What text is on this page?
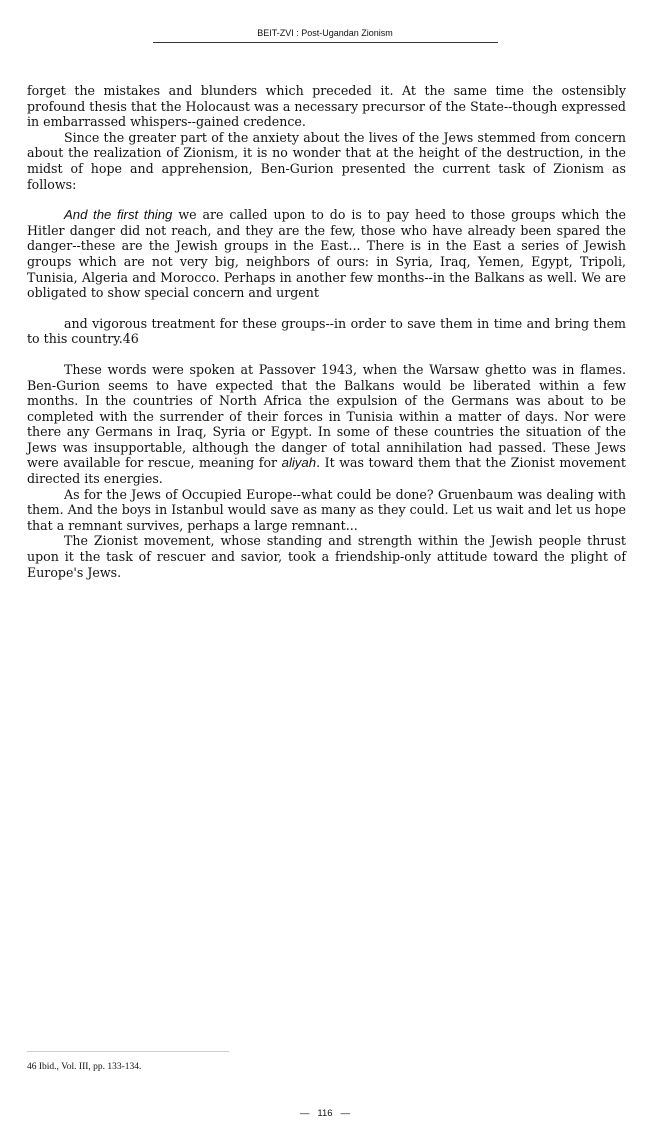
BEIT-ZVI : Post-Ugandan Zionism

forget the mistakes and blunders which preceded it. At the same time the ostensibly profound thesis that the Holocaust was a necessary precursor of the State--though expressed in embarrassed whispers--gained credence.

Since the greater part of the anxiety about the lives of the Jews stemmed from concern about the realization of Zionism, it is no wonder that at the height of the destruction, in the midst of hope and apprehension, Ben-Gurion presented the current task of Zionism as follows:

And the first thing we are called upon to do is to pay heed to those groups which the Hitler danger did not reach, and they are the few, those who have already been spared the danger--these are the Jewish groups in the East... There is in the East a series of Jewish groups which are not very big, neighbors of ours: in Syria, Iraq, Yemen, Egypt, Tripoli, Tunisia, Algeria and Morocco. Perhaps in another few months--in the Balkans as well. We are obligated to show special concern and urgent

and vigorous treatment for these groups--in order to save them in time and bring them to this country.46

These words were spoken at Passover 1943, when the Warsaw ghetto was in flames. Ben-Gurion seems to have expected that the Balkans would be liberated within a few months. In the countries of North Africa the expulsion of the Germans was about to be completed with the surrender of their forces in Tunisia within a matter of days. Nor were there any Germans in Iraq, Syria or Egypt. In some of these countries the situation of the Jews was insupportable, although the danger of total annihilation had passed. These Jews were available for rescue, meaning for aliyah. It was toward them that the Zionist movement directed its energies.

As for the Jews of Occupied Europe--what could be done? Gruenbaum was dealing with them. And the boys in Istanbul would save as many as they could. Let us wait and let us hope that a remnant survives, perhaps a large remnant...

The Zionist movement, whose standing and strength within the Jewish people thrust upon it the task of rescuer and savior, took a friendship-only attitude toward the plight of Europe's Jews.

46 Ibid., Vol. III, pp. 133-134.
— 116 —
